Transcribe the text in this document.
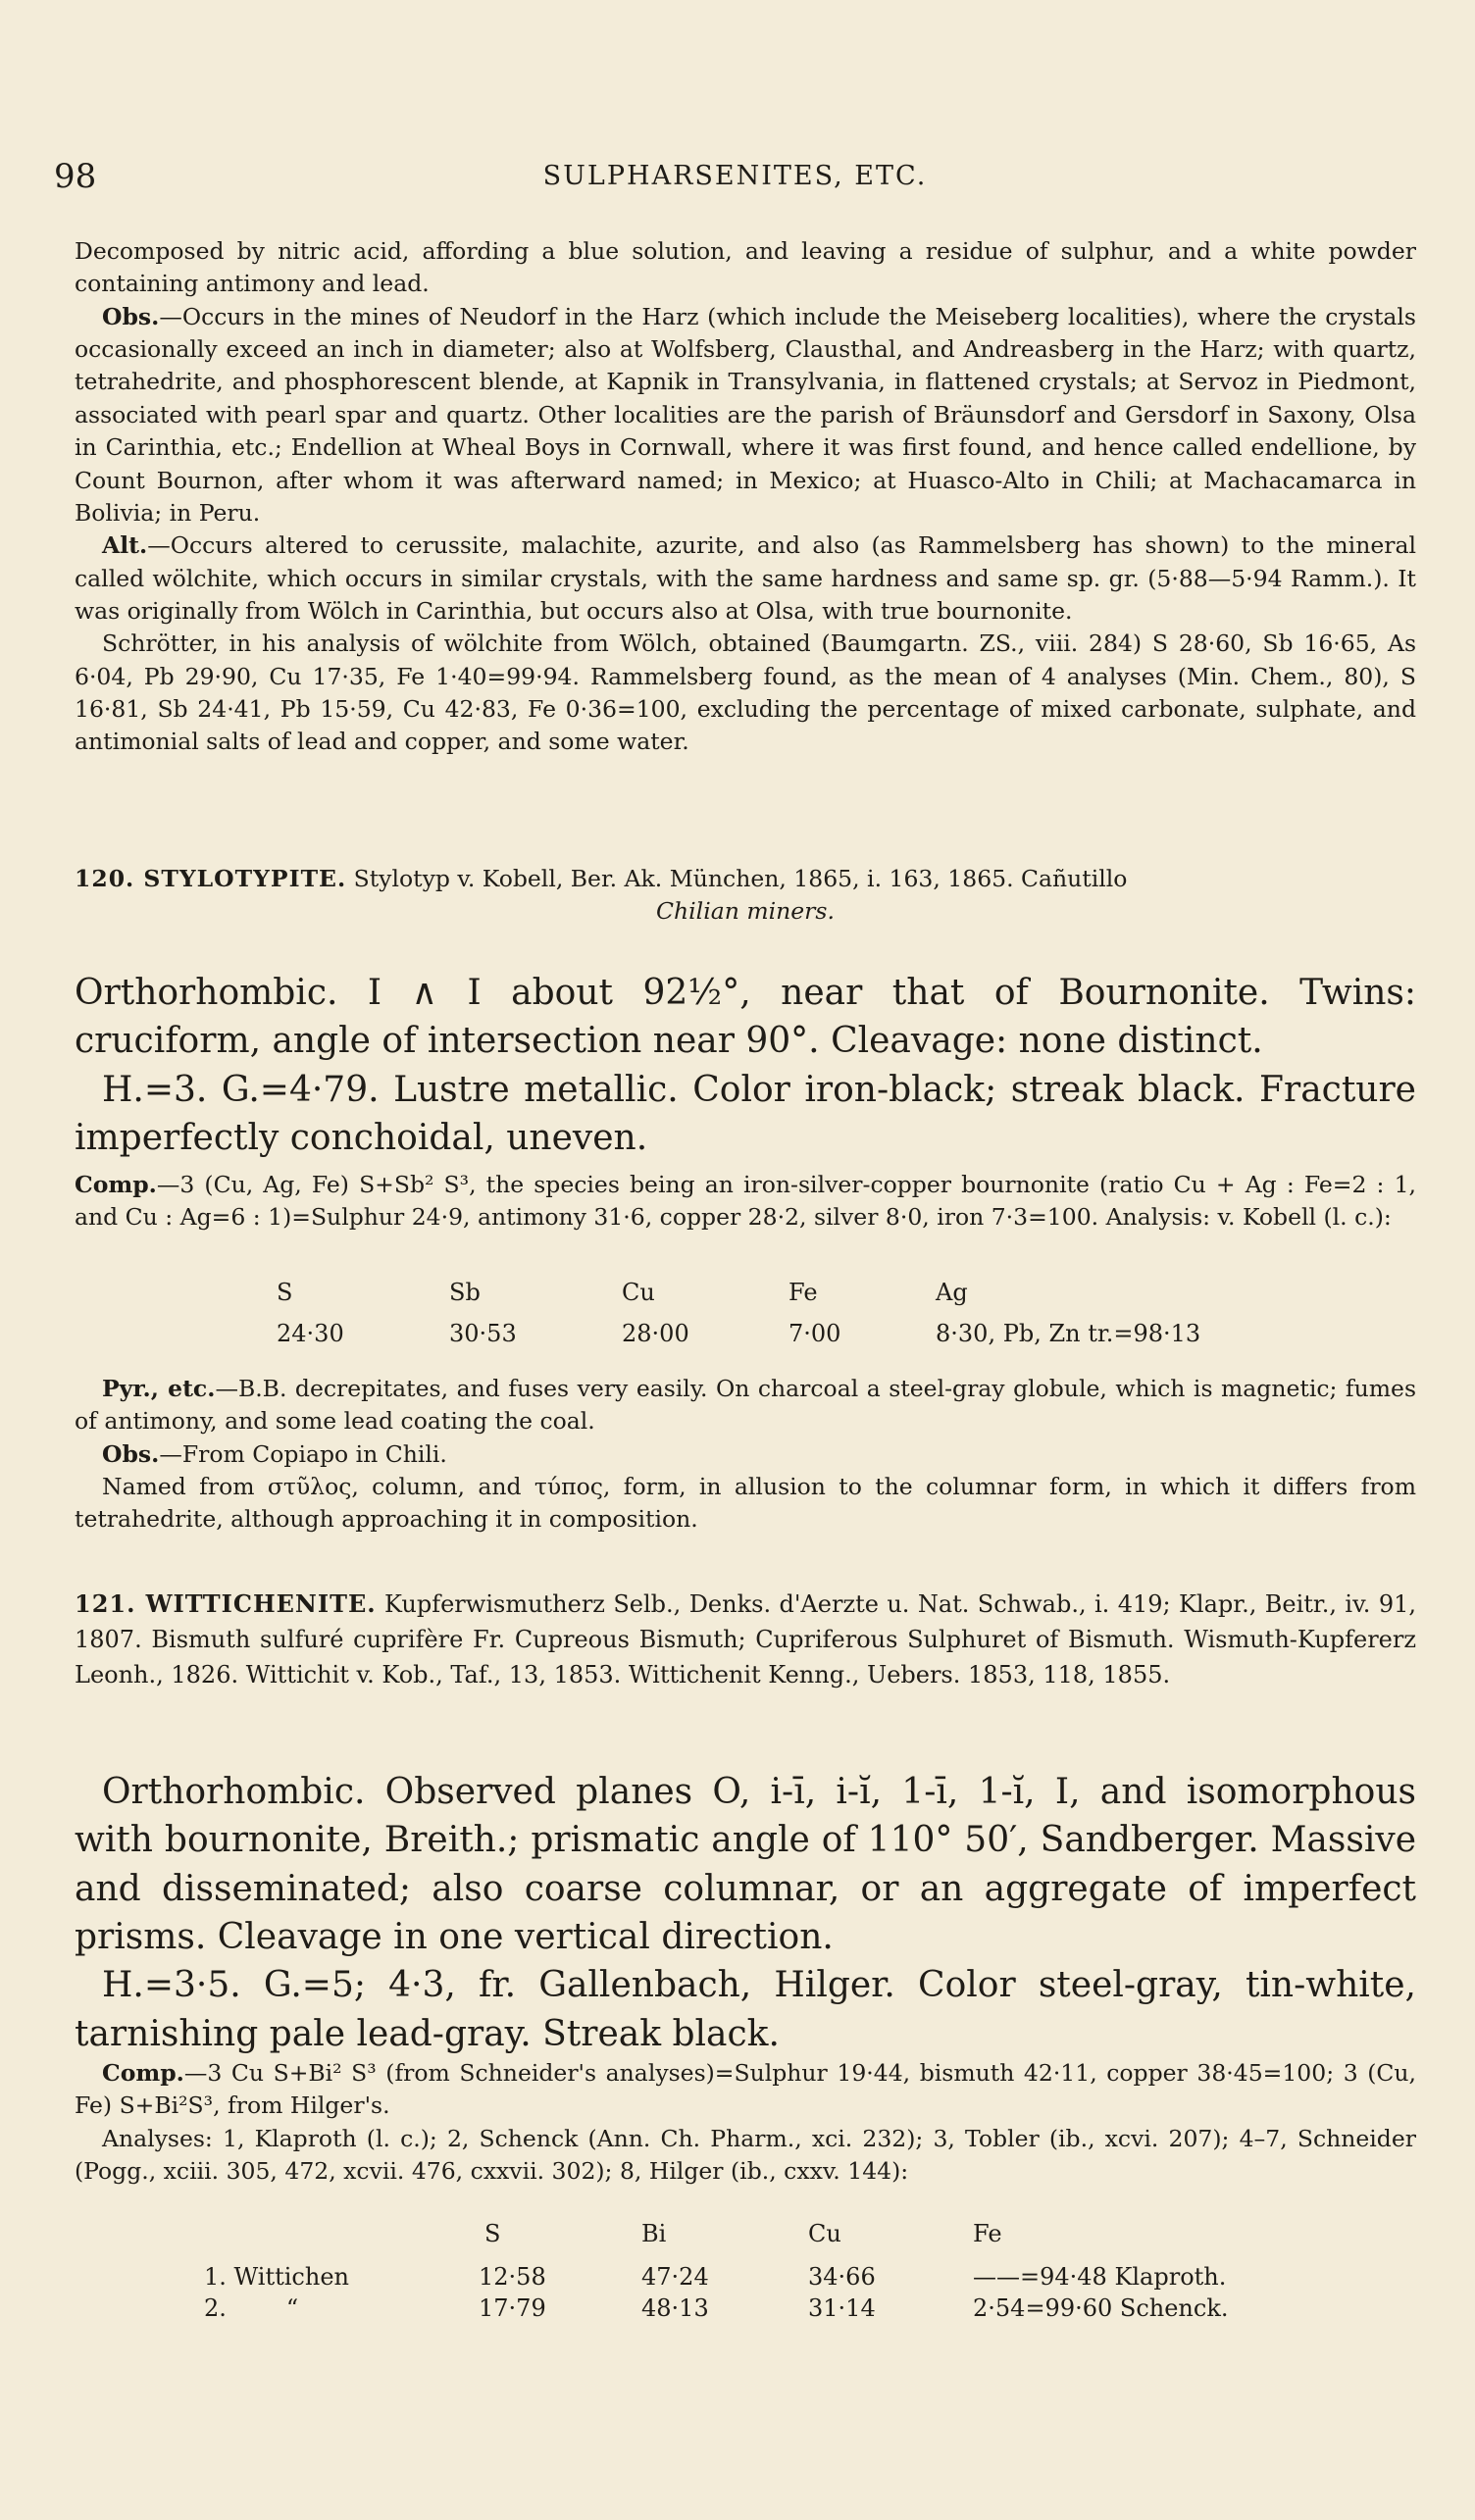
98	SULPHARSENITES, ETC.

Decomposed by nitric acid, affording a blue solution, and leaving a residue of sulphur, and a white powder containing antimony and lead.

Obs.—Occurs in the mines of Neudorf in the Harz (which include the Meiseberg localities), where the crystals occasionally exceed an inch in diameter; also at Wolfsberg, Clausthal, and Andreasberg in the Harz; with quartz, tetrahedrite, and phosphorescent blende, at Kapnik in Transylvania, in flattened crystals; at Servoz in Piedmont, associated with pearl spar and quartz. Other localities are the parish of Bräunsdorf and Gersdorf in Saxony, Olsa in Carinthia, etc.; Endellion at Wheal Boys in Cornwall, where it was first found, and hence called endellione, by Count Bournon, after whom it was afterward named; in Mexico; at Huasco-Alto in Chili; at Machacamarca in Bolivia; in Peru.

Alt.—Occurs altered to cerussite, malachite, azurite, and also (as Rammelsberg has shown) to the mineral called wölchite, which occurs in similar crystals, with the same hardness and same sp. gr. (5·88—5·94 Ramm.). It was originally from Wölch in Carinthia, but occurs also at Olsa, with true bournonite.

Schrötter, in his analysis of wölchite from Wölch, obtained (Baumgartn. ZS., viii. 284) S 28·60, Sb 16·65, As 6·04, Pb 29·90, Cu 17·35, Fe 1·40=99·94. Rammelsberg found, as the mean of 4 analyses (Min. Chem., 80), S 16·81, Sb 24·41, Pb 15·59, Cu 42·83, Fe 0·36=100, excluding the percentage of mixed carbonate, sulphate, and antimonial salts of lead and copper, and some water.

120. STYLOTYPITE. Stylotyp v. Kobell, Ber. Ak. München, 1865, i. 163, 1865. Cañutillo

Chilian miners.

Orthorhombic. I ∧ I about 92½°, near that of Bournonite. Twins: cruciform, angle of intersection near 90°. Cleavage: none distinct.

H.=3. G.=4·79. Lustre metallic. Color iron-black; streak black. Fracture imperfectly conchoidal, uneven.

Comp.—3 (Cu, Ag, Fe) S+Sb² S³, the species being an iron-silver-copper bournonite (ratio Cu + Ag : Fe=2 : 1, and Cu : Ag=6 : 1)=Sulphur 24·9, antimony 31·6, copper 28·2, silver 8·0, iron 7·3=100. Analysis: v. Kobell (l. c.):

S	Sb	Cu	Fe	Ag
24·30	30·53	28·00	7·00	8·30, Pb, Zn tr.=98·13

Pyr., etc.—B.B. decrepitates, and fuses very easily. On charcoal a steel-gray globule, which is magnetic; fumes of antimony, and some lead coating the coal.

Obs.—From Copiapo in Chili.

Named from στῦλος, column, and τύπος, form, in allusion to the columnar form, in which it differs from tetrahedrite, although approaching it in composition.

121. WITTICHENITE. Kupferwismutherz Selb., Denks. d'Aerzte u. Nat. Schwab., i. 419; Klapr., Beitr., iv. 91, 1807. Bismuth sulfuré cuprifère Fr. Cupreous Bismuth; Cupriferous Sulphuret of Bismuth. Wismuth-Kupfererz Leonh., 1826. Wittichit v. Kob., Taf., 13, 1853. Wittichenit Kenng., Uebers. 1853, 118, 1855.

Orthorhombic. Observed planes O, i-ī, i-ĭ, 1-ī, 1-ĭ, I, and isomorphous with bournonite, Breith.; prismatic angle of 110° 50′, Sandberger. Massive and disseminated; also coarse columnar, or an aggregate of imperfect prisms. Cleavage in one vertical direction.

H.=3·5. G.=5; 4·3, fr. Gallenbach, Hilger. Color steel-gray, tin-white, tarnishing pale lead-gray. Streak black.

Comp.—3 Cu S+Bi² S³ (from Schneider's analyses)=Sulphur 19·44, bismuth 42·11, copper 38·45=100; 3 (Cu, Fe) S+Bi²S³, from Hilger's.

Analyses: 1, Klaproth (l. c.); 2, Schenck (Ann. Ch. Pharm., xci. 232); 3, Tobler (ib., xcvi. 207); 4–7, Schneider (Pogg., xciii. 305, 472, xcvii. 476, cxxvii. 302); 8, Hilger (ib., cxxv. 144):

	S	Bi	Cu	Fe
1. Wittichen	12·58	47·24	34·66	——=94·48 Klaproth.
2.        “	17·79	48·13	31·14	2·54=99·60 Schenck.
